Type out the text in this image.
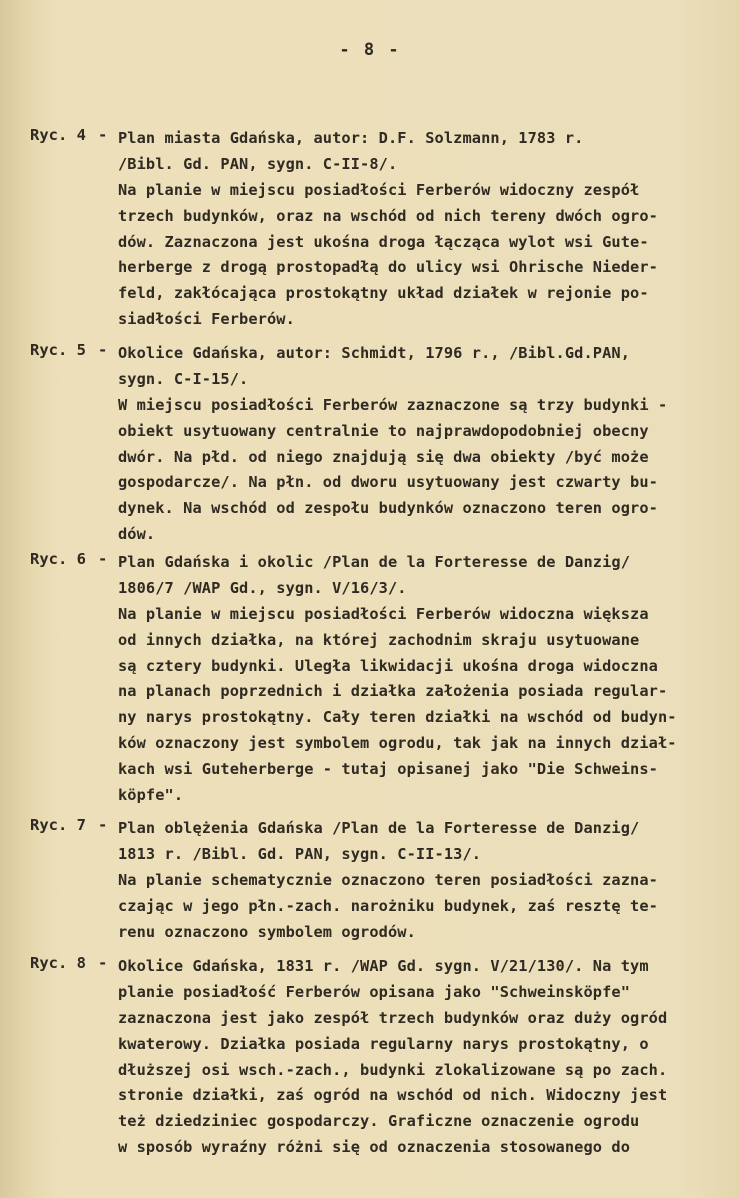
- 8 -
Ryc. 4 - Plan miasta Gdańska, autor: D.F. Solzmann, 1783 r.
/Bibl. Gd. PAN, sygn. C-II-8/.
Na planie w miejscu posiadłości Ferberów widoczny zespół
trzech budynków, oraz na wschód od nich tereny dwóch ogro-
dów. Zaznaczona jest ukośna droga łącząca wylot wsi Gute-
herberge z drogą prostopadłą do ulicy wsi Ohrische Nieder-
feld, zakłócająca prostokątny układ działek w rejonie po-
siadłości Ferberów.
Ryc. 5 - Okolice Gdańska, autor: Schmidt, 1796 r., /Bibl.Gd.PAN,
sygn. C-I-15/.
W miejscu posiadłości Ferberów zaznaczone są trzy budynki -
obiekt usytuowany centralnie to najprawdopodobniej obecny
dwór. Na płd. od niego znajdują się dwa obiekty /być może
gospodarcze/. Na płn. od dworu usytuowany jest czwarty bu-
dynek. Na wschód od zespołu budynków oznaczono teren ogro-
dów.
Ryc. 6 - Plan Gdańska i okolic /Plan de la Forteresse de Danzig/
1806/7 /WAP Gd., sygn. V/16/3/.
Na planie w miejscu posiadłości Ferberów widoczna większa
od innych działka, na której zachodnim skraju usytuowane
są cztery budynki. Uległa likwidacji ukośna droga widoczna
na planach poprzednich i działka założenia posiada regular-
ny narys prostokątny. Cały teren działki na wschód od budyn-
ków oznaczony jest symbolem ogrodu, tak jak na innych dział-
kach wsi Guteherberge - tutaj opisanej jako "Die Schweins-
köpfe".
Ryc. 7 - Plan oblężenia Gdańska /Plan de la Forteresse de Danzig/
1813 r. /Bibl. Gd. PAN, sygn. C-II-13/.
Na planie schematycznie oznaczono teren posiadłości zazna-
czając w jego płn.-zach. narożniku budynek, zaś resztę te-
renu oznaczono symbolem ogrodów.
Ryc. 8 - Okolice Gdańska, 1831 r. /WAP Gd. sygn. V/21/130/. Na tym
planie posiadłość Ferberów opisana jako "Schweinsköpfe"
zaznaczona jest jako zespół trzech budynków oraz duży ogród
kwaterowy. Działka posiada regularny narys prostokątny, o
dłuższej osi wsch.-zach., budynki zlokalizowane są po zach.
stronie działki, zaś ogród na wschód od nich. Widoczny jest
też dziedziniec gospodarczy. Graficzne oznaczenie ogrodu
w sposób wyraźny różni się od oznaczenia stosowanego do
